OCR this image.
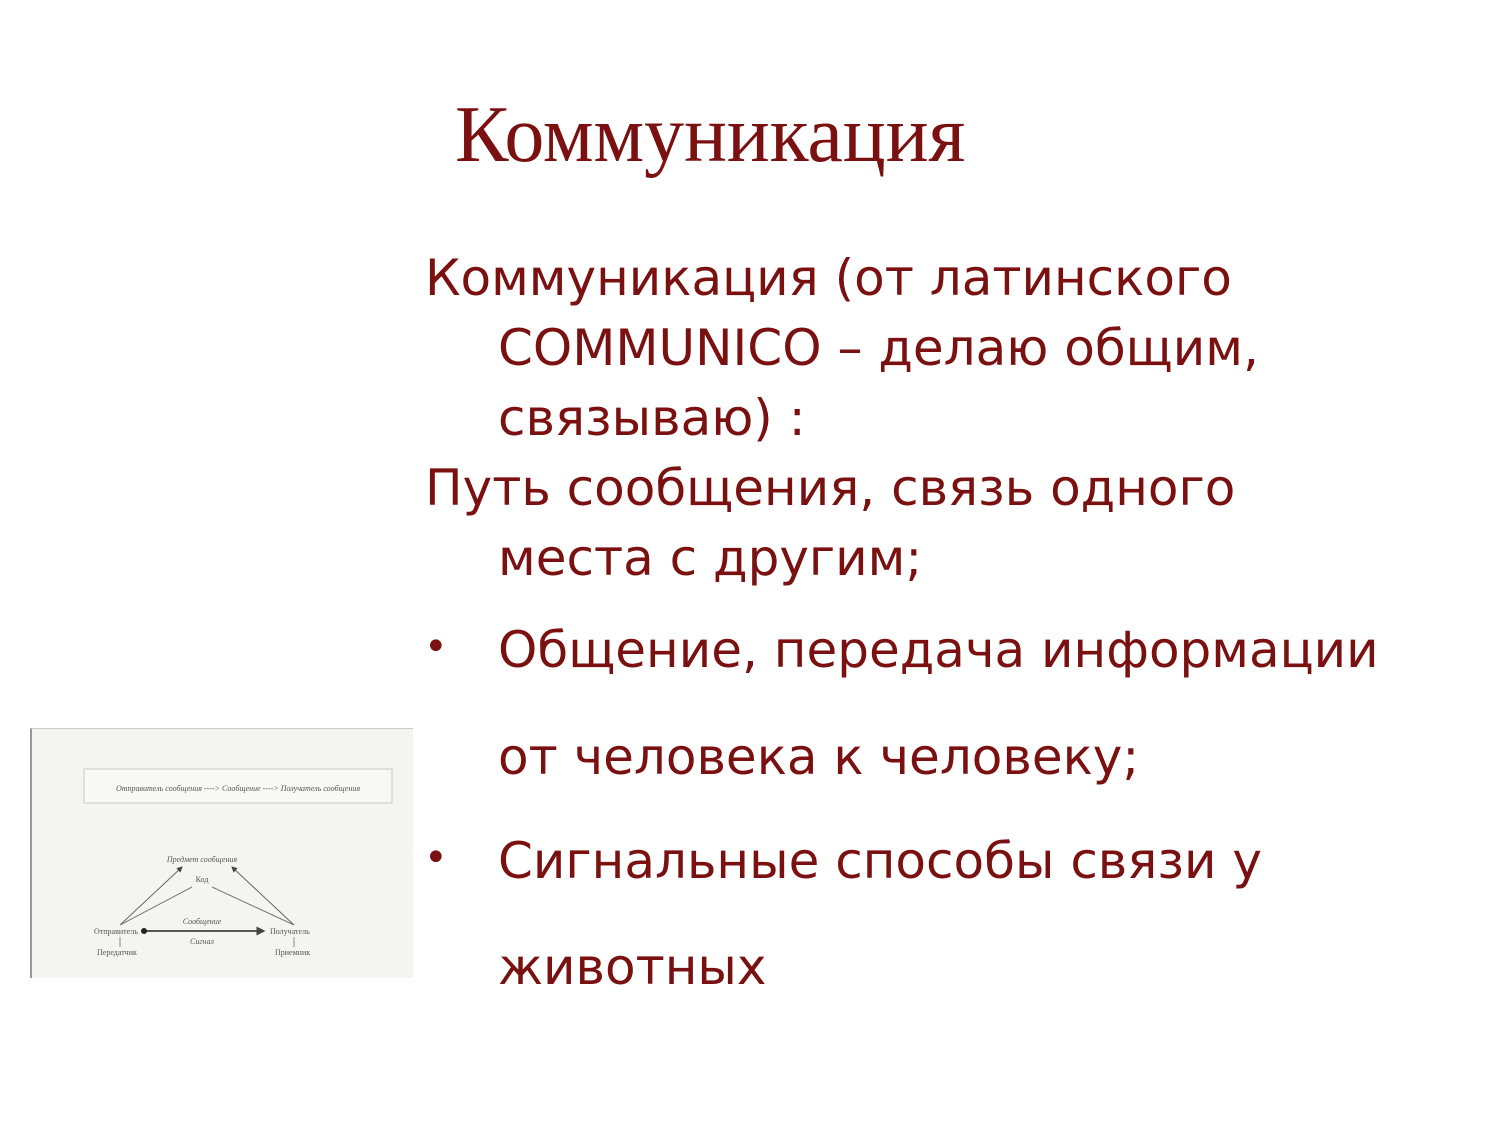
Коммуникация
Коммуникация (от латинского
COMMUNICO – делаю общим,
связываю) :
Путь сообщения, связь одного
места с другим;
• Общение, передача информации
от человека к человеку;
• Сигнальные способы связи у
животных
Отправитель сообщения ----> Сообщение ----> Получатель сообщения
Предмет сообщения
Код
Сообщение
Отправитель	Получатель
Сигнал
Передатчик	Приемник
